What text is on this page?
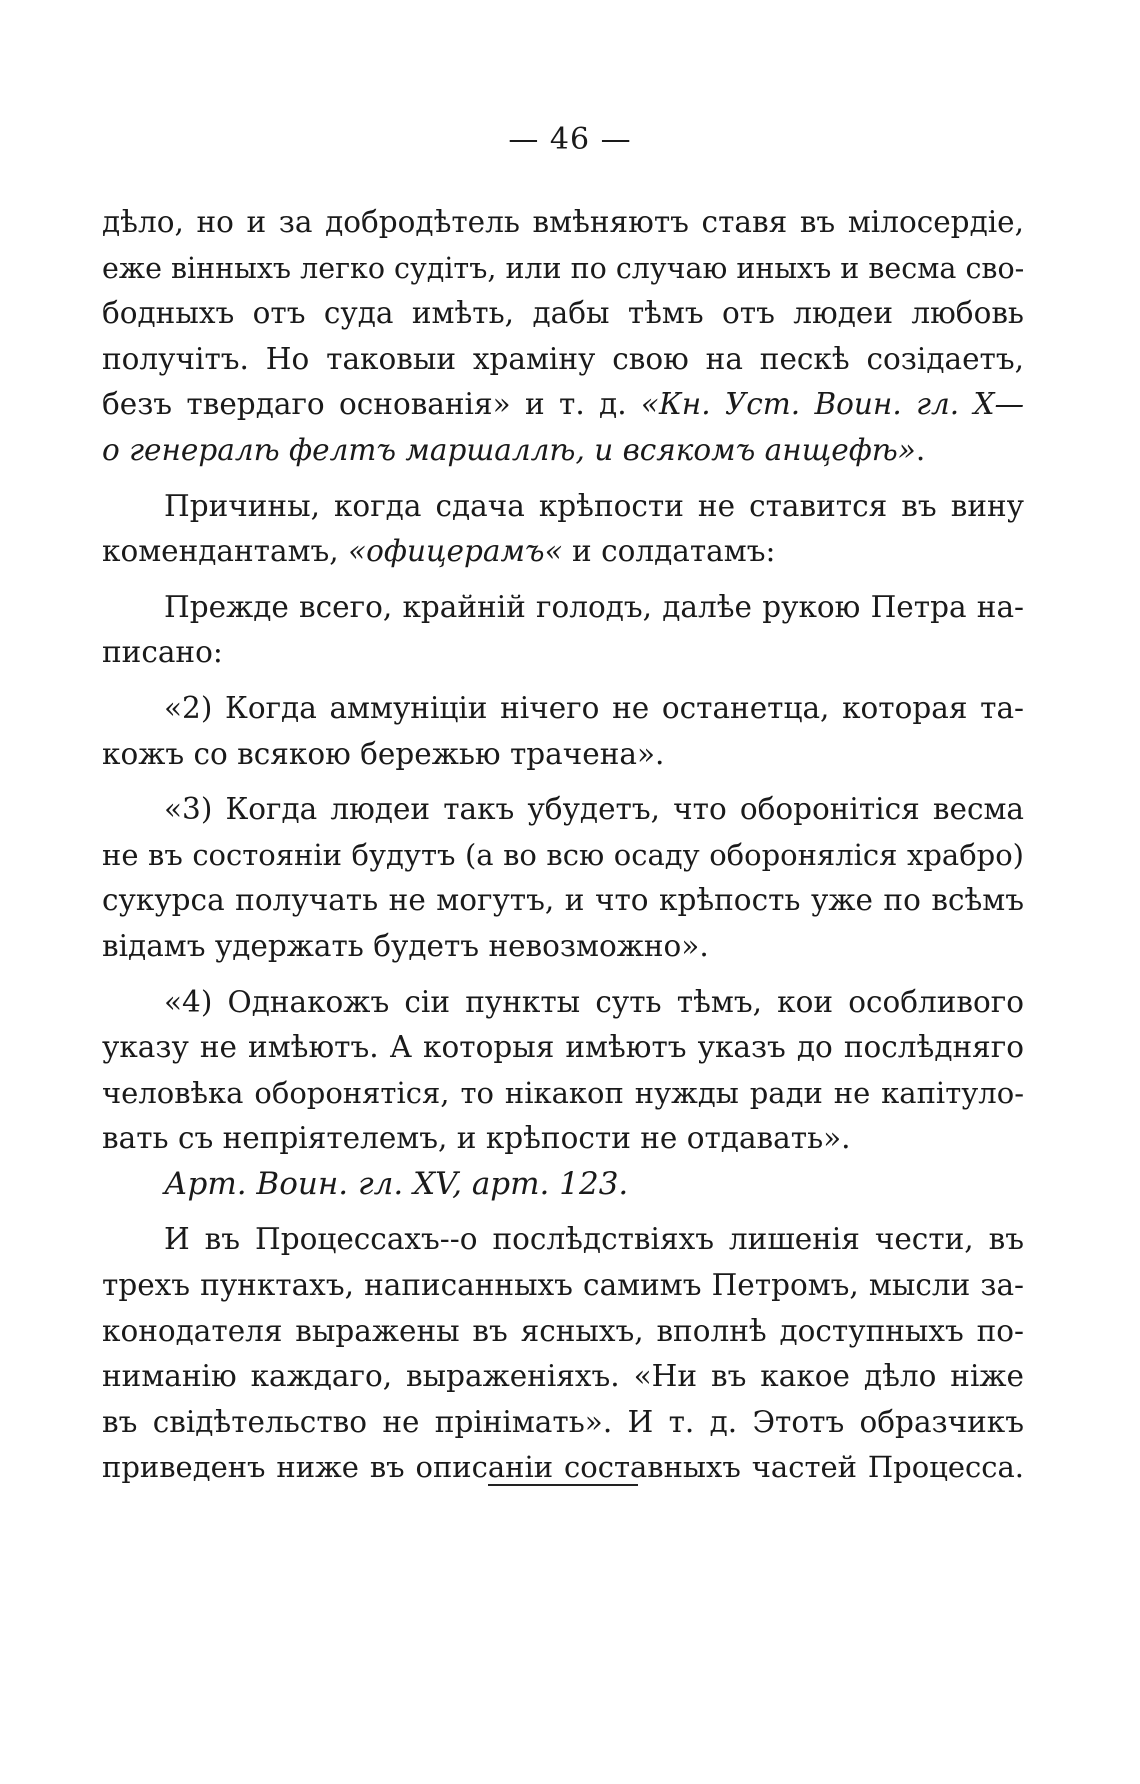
— 46 —
дѣло, но и за добродѣтель вмѣняютъ ставя въ мілосердіе,
еже вінныхъ легко судітъ, или по случаю иныхъ и весма сво-
бодныхъ отъ суда имѣть, дабы тѣмъ отъ людеи любовь
получітъ. Но таковыи храміну свою на пескѣ созідаетъ,
безъ твердаго основанія» и т. д. «Кн. Уст. Воин. гл. Х—
о генералѣ фелтъ маршаллѣ, и всякомъ анщефѣ».
Причины, когда сдача крѣпости не ставится въ вину
комендантамъ, «офицерамъ« и солдатамъ:
Прежде всего, крайній голодъ, далѣе рукою Петра на-
писано:
«2) Когда аммуніціи нічего не останетца, которая та-
кожъ со всякою бережью трачена».
«3) Когда людеи такъ убудетъ, что оборонітіся весма
не въ состояніи будутъ (а во всю осаду обороняліся храбро)
сукурса получать не могутъ, и что крѣпость уже по всѣмъ
відамъ удержать будетъ невозможно».
«4) Однакожъ сіи пункты суть тѣмъ, кои особливого
указу не имѣютъ. А которыя имѣютъ указъ до послѣдняго
человѣка оборонятіся, то нікакоп нужды ради не капітуло-
вать съ непріятелемъ, и крѣпости не отдавать».
Арт. Воин. гл. XV, арт. 123.
И въ Процессахъ--о послѣдствіяхъ лишенія чести, въ
трехъ пунктахъ, написанныхъ самимъ Петромъ, мысли за-
конодателя выражены въ ясныхъ, вполнѣ доступныхъ по-
ниманію каждаго, выраженіяхъ. «Ни въ какое дѣло ніже
въ свідѣтельство не прінімать». И т. д. Этотъ образчикъ
приведенъ ниже въ описаніи составныхъ частей Процесса.
